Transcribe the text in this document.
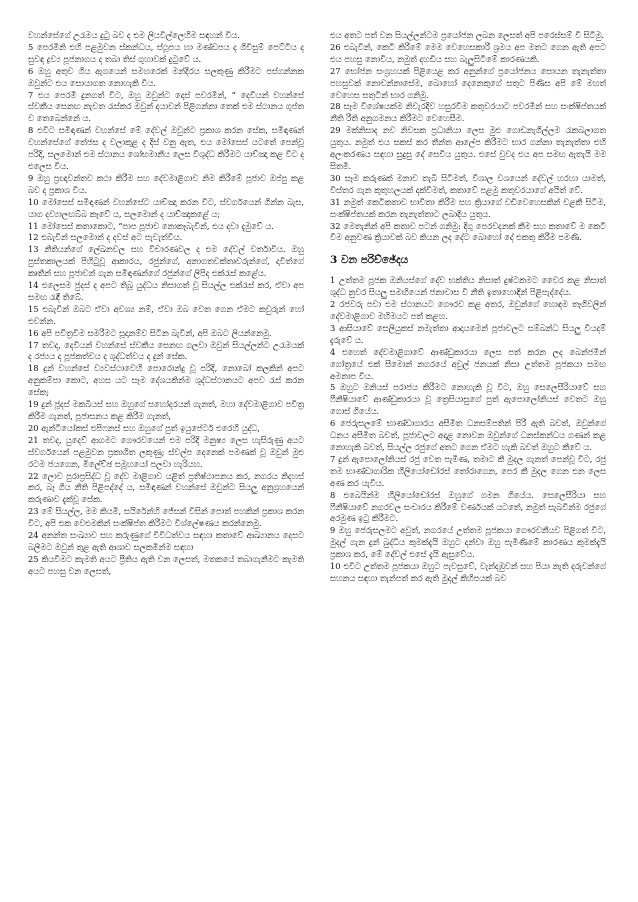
වහන්සේගේ උරැමය දුටු බව ද එම ලියවිල්ලෙහිම සඳහන් විය.

5 පෙරමිනි එහි පළමුවන ස්කන්ධය, ස්ථූපය හා මණ්ඩපය ද ගිවිසුම් පෙට්ටිය ද සුවඳ ද්‍රව්‍ය පූජනාගය ද තබා තිස් ගුහාවක් දුටුවේ ය.

6 ඔහු අතුව ගිය ඇගයෙන් සමහරෙක් මන්දිරය සලකුණු කිරීමට පස්ගන්නක ඔවුන්ට එය සොයාගත නොහැකි විය.

7 එය පෙරමි දුනගත් විට, ඔහු ඔවුන්ට දොස් පවරමින්, “ දෙවියන් වහන්සේ ස්වකීය සෙනඟ නැවත රැස්කර ඔවුන් දයාවන් පිළිගන්නා තෙක් එම ස්ථානය ගුප්ත ව තෙබෙන්නේ ය.

8 එවිට සමිඳාණන් වහන්සේ මේ දේවල් ඔවුන්ට ප්‍රකාශ කරන සේක, සමිඳාණන් වහන්සේගේ තේජස ද වලාකුළ ද දිස් වනු ඇත, එය මෝසෙස් යටතේ පෙන්වූ පරිදි, සලමොන් එම ස්ථානය ශෝභමානීය ලෙස විශුද්ධ කිරීමට යාච්ඤා කළ විට ද එලෙස විය.

9 ඔහු ප්‍රඥාවන්තව කථා කිරීම සහ දේවමාළිගාව නිම කිරීමේ පූජාව ඔප්පු කළ බව ද ප්‍රකාශ විය.

10 මෝසෙස් සමිඳාණන් වහන්සේට යාච්ඤා කරන විට, ස්වර්ගයෙන් ගින්න බැස, යාග දව්‍යාලඟබ්බ කෑවේ ය, සලමොන් ද යාච්ඤාකළේ ය;

11 මෝසෙස් කතාකොට, “පාප පූජාව නොකෑබැවින්, එය දවා දැමුවේ ය.

12 එබැවින් සලමොන් ද දවස් අට පැවැත්විය.

13 නීතියන්ගේ ලේඛනවල සහ විචාරණවල ද එම දේවල් වර්තාවිය. ඔහු පුස්තකාලයක් පිහිටුවූ ආකාරය, රජුන්ගේ, අනාගතවක්තෘවරුන්ගේ, දාවිත්ගේ කෘතීන් සහ පූජාවන් ගැන සමිඳාණන්ගේ රජුන්ගේ ලිපිද එක්රැස් කළේය.

14 එලෙසම ජුදස් ද අපට තිබූ යුද්ධය නිසාගත් වූ සියල්ල එක්රැස් කර, ඒවා අප සමඟ රැඳී තිබේ.

15 එබැවින් ඔබට ඒවා අවශ්‍ය නම්, ඒවා ඔබ වෙත ගෙන ඒමට කවුරුන් හෝ එවන්න.

16 අපි පවිත්‍රවීම සමරීමට සූදානම්ව සිටින බැවින්, අපි ඔබට ලියන්නෙමු.

17 තවද, දෙවියන් වහන්සේ ස්වකීය සෙනඟ ගලවා ඔවුන් සියල්ලන්ට උරැමයක් ද රජ්‍යය ද පූජකත්වය ද ශුද්ධත්වය ද දුන් සේක.

18 දුන් වහන්සේ ව්‍යවස්ථාවෙහි පොරොන්දු වූ පරිදි, නොබෝ කලකින් අපට අනුකම්පා කොට, අහස යට සෑම දේශයකින්ම ශුද්ධස්ථානයට අපව රැස් කරන සේක;

19 දුන් ජූදස් මකබියස් සහ ඔහුගේ සහෝදරයන් ගැනත්, මහා දේවමාළිගාව පවිත්‍ර කිරීම ගැනත්, පූජාසනය කළ කිරීම ගැනත්,

20 ඇන්ටියෝකස් එපිෆනස් සහ ඔහුගේ පුත් ඉයුපේටර් එරෙහි යුද්ධ,

21 තවද, යුදෙව් ආගමට ගෞරවයෙන් එම පරිදි මනුෂ්‍ය ලෙස හැසිරුණු අයට ස්වර්ගයෙන් පළමුවන ප්‍රකාශිත ලකුණු; ස්වල්ප දෙනෙක් පමණක් වූ ඔවුන් මුළු රටම ජයගෙන, මිලේච්ඡ සමූහයෝ පලවා හැරියහ.

22 ලොව පුරාප්‍රසිද්ධ වූ දේව මාළිගාව යළිත් ප්‍රතිෂ්ඨාපනය කර, නගරය නිදහස් කර, බෑ ගිය නීති පිළිපද්දේ ය, සමිඳාණන් වහන්සේ ඔවුන්ට සියලු අනුග්‍රහයෙන් කරුණාව දැක්වූ සේක.

23 මේ සියල්ල, මම කියමි, සයිරේන්හි ජේසන් විසින් පොත් පහකින් ප්‍රකාශ කරන විට, අපි එක වෙළුමකින් සංක්ෂිප්ත කිරීමට විශ්ලේෂණය කරන්නෙමු.

24 අනන්ත සංඛ්‍යාව සහ කරුණුගේ විවිධත්වය සඳහා කතාවේ ආඛ්‍යානය දෙසට බලීමට ඔවුන් තුළ ඇති ආශාව සලකමින්ම සඳහා

25 කියවීමට කැමති අයට ප්‍රීතිය ඇති වන ලෙසත්, මතකයේ තබාගැනීමට කැමති අයට පහසු වන ලෙසත්,

එය අතට පත් වන සියල්ලන්ටම ප්‍රයෝජන ලබන ලෙසත් අපි පරෙස්සම් වී සිටිමු.

26 එබැවින්, කෙටි කිරීමේ මෙම වෙහෙසකාරී ශ්‍රමය අප මතට ගෙන ඇති අපට එය පහසු නොවීය, නමුත් දහඩිය සහ බැලුසිටීමේ කාරණයකි.

27 භෝජන සංග්‍රහයක් පිළියෙළ කර අනුන්ගේ ප්‍රයෝජනය සොයන තැනැත්තා පහසුවක් නොවන්නාසේම, බොහෝ දෙනෙකුගේ සතුට පිණිස අපි මේ මහත් වෙහෙස සතුටින් භාර ගනිමු.

28 සෑම විශේෂයක්ම නිවැරදිව හසුරවීම කතුවරයාට පවරමින් සහ සංක්ෂිප්තයක් නීති රීති අනුගමනය කිරීමට වෙහෙසීම.

29 මක්නිසාද නව නිවසක ප්‍රධානියා ලෙස මුළු ගොඩනැගිල්ලම රැකබලාගත යුතුය. නමුත් එය සකස් කර තීන්ත ආලේප කිරීමට භාර ගන්නා තැනැත්තා එහි අලංකරණය සඳහා සුදුසු දේ සෙවිය යුතුය. එසේ වුවද එය අප සමඟ ඇතැයි මම සිතමි.

30 සෑම කරුණක් මනාව තැබී සිටීමත්, විශාල වශයෙන් දේවල් හරහා යාමත්, විස්තර ගැන කුතුහලයක් දක්වීමත්, කතාවේ පළමු කතුවරයාගේ අයිත් වේ.

31 නමුත් කෙටිකතාව භාවිතා කිරීම සහ ක්‍රියාගේ වඩිවෙහෙසකින් වළකී සිටීම, සංක්ෂිප්තයක් කරන තැනැත්තාට ලබාදිය යුතුය.

32 මෙතැනින් අපි කතාව පටන් ගනිමු: දිගු පෙරවදනක් කීම සහ කතාවේ ම කෙටි වීම අනුවණ ක්‍රියාවක් බව කියන ලද දේට බොහෝ දේ එකතු කිරීම පමණි.

3 වන පරිච්ඡේදය

1 උත්තම පූජක ඔනියස්ගේ දේව භක්තිය නිසාත් දුෂ්ටකමට වෛර කළ නිසාත් ශුද්ධ නුවර සියලු සමඟියෙන් ජනාවාස වී නීති ඉතාහොඳින් පිළිපැද්දේය.

2 රජවරු පවා එම ස්ථානයට ගෞරව කළ අතර, ඔවුන්ගේ හොඳම තෑගිවලින් දේවමාළිගාව මහිමයට පත් කළහ.

3 ආසියාවේ සෙලියුකස් නමැත්තා ආදායමෙන් පූජාවලට සම්බන්ධ සියලු වියදම් දැරුවේ ය.

4 එහෙත් දේවමාළිගාවේ ආණ්ඩුකාරයා ලෙස පත් කරන ලද බෙන්ජමින් ගෝත්‍රයේ එක් සීමොන් නගරයේ අවුල් ජනයක් නිසා උත්තම පූජකයා සමඟ අමනාප විය.

5 ඔහුට ඔනියස් පරාජය කිරීමට නොහැකි වූ විට, ඔහු සෙලෙසීරියාවේ සහ ෆීනීෂියාවේ ආණ්ඩුකාරයා වූ ත්‍රෙසියාසුගේ පුත් ඇපොලෝනියස් වෙතට ඔහු ගොස් ගියේය.

6 ජෙරුසලමේ භාණ්ඩාගාරය අසීමිත ධනසම්පතින් පිරී ඇති බවත්, ඔවුන්ගේ ධනය අසීමිත බවත්, පූජාවලට අදාළ නොවන ඔවුන්ගේ ධනස්කන්ධය ගණන් කළ නොහැකි බවත්, සියල්ල රජුගේ අතට ගෙන ඒමට හැකි බවත් ඔහුට කීවේ ය.

7 දුන් ඇපොලෝනියස් රජු වෙත පැමිණ, තමාට කී මුදල ගැනත් පෙන්වූ විට, රජු තම භාණ්ඩාගාරික හීලියෝඩෝරස් තෝරාගෙන, පෙර කී මුදල ගෙන එන ලෙස අණ කර යැවීය.

8 එබෙයින්ම හීලියෝඩෝරස් ඔහුගේ ගමන ගියේය. සෙලෙසීරියා සහ ෆීනීෂියාවේ නගරවල සංචාරය කිරීමේ වර්ණයක් යටතේ, නමුත් සැබවින්ම රජුගේ අරමුණ ඉටු කිරීමට.

9 ඔහු ජෙරුසලමට අවුත්, නගරයේ උත්තම පූජකයා ගෞරවනීයව පිළිගත් විට, මුදල් ගැන දුන් බුද්ධිය කුමක්දැයි ඔහුට දන්වා ඔහු පැමිණිමේ කාරණය කුමක්දැයි ප්‍රකාශ කර, මේ දේවල් එසේ දැයි ඇසුවේය.

10 එවිට උත්තම පූජකයා ඔහුට පැවසුවේ, වැන්දඹුවන් සහ පියා නැති දරුවන්ගේ සහනය සඳහා තැන්පත් කර ඇති මුදල් කිහිපයක් බව
